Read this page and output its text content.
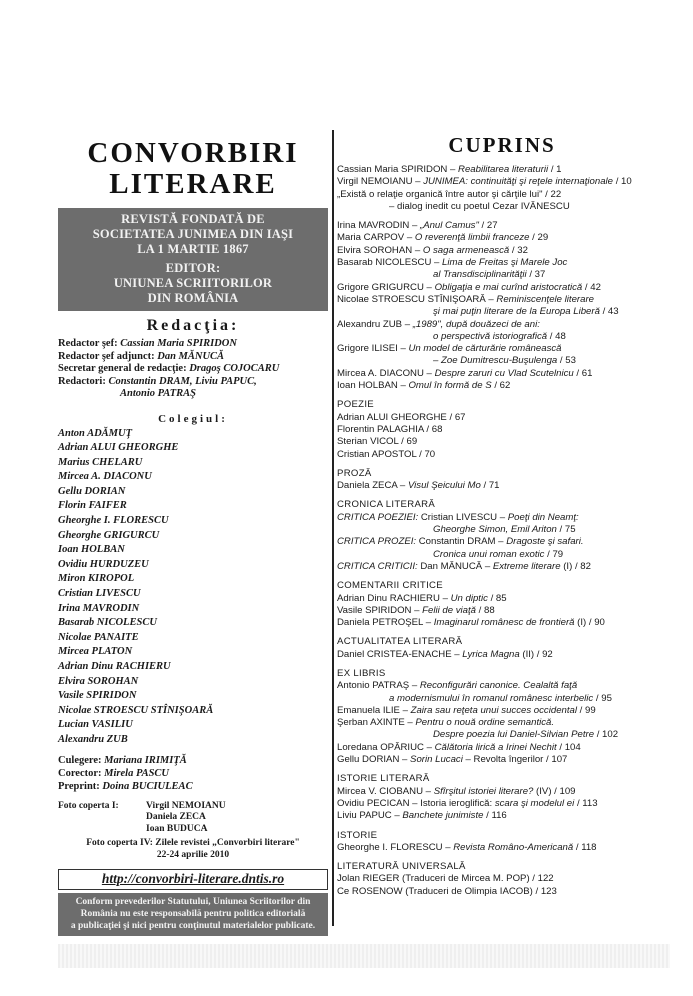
CONVORBIRI
LITERARE
REVISTĂ FONDATĂ DE
SOCIETATEA JUNIMEA DIN IAŞI
LA 1 MARTIE 1867
EDITOR:
UNIUNEA SCRIITORILOR
DIN ROMÂNIA
Redacţia:
Redactor şef: Cassian Maria SPIRIDON
Redactor şef adjunct: Dan MĂNUCĂ
Secretar general de redacţie: Dragoş COJOCARU
Redactori: Constantin DRAM, Liviu PAPUC,
Antonio PATRAŞ
Colegiul:
Anton ADĂMUŢ
Adrian ALUI GHEORGHE
Marius CHELARU
Mircea A. DIACONU
Gellu DORIAN
Florin FAIFER
Gheorghe I. FLORESCU
Gheorghe GRIGURCU
Ioan HOLBAN
Ovidiu HURDUZEU
Miron KIROPOL
Cristian LIVESCU
Irina MAVRODIN
Basarab NICOLESCU
Nicolae PANAITE
Mircea PLATON
Adrian Dinu RACHIERU
Elvira SOROHAN
Vasile SPIRIDON
Nicolae STROESCU STÎNIŞOARĂ
Lucian VASILIU
Alexandru ZUB
Culegere: Mariana IRIMIŢĂ
Corector: Mirela PASCU
Preprint: Doina BUCIULEAC
Foto coperta I:	Virgil NEMOIANU
Daniela ZECA
Ioan BUDUCA
Foto coperta IV: Zilele revistei „Convorbiri literare"
22-24 aprilie 2010
http://convorbiri-literare.dntis.ro
Conform prevederilor Statutului, Uniunea Scriitorilor din
România nu este responsabilă pentru politica editorială
a publicaţiei şi nici pentru conţinutul materialelor publicate.
CUPRINS
Cassian Maria SPIRIDON – Reabilitarea literaturii / 1
Virgil NEMOIANU – JUNIMEA: continuităţi şi reţele internaţionale / 10
„Există o relaţie organică între autor şi cărţile lui" / 22
– dialog inedit cu poetul Cezar IVĂNESCU
Irina MAVRODIN – „Anul Camus" / 27
Maria CARPOV – O reverenţă limbii franceze / 29
Elvira SOROHAN – O saga armenească / 32
Basarab NICOLESCU – Lima de Freitas şi Marele Joc
al Transdisciplinarităţii / 37
Grigore GRIGURCU – Obligaţia e mai curînd aristocratică / 42
Nicolae STROESCU STÎNIŞOARĂ – Reminiscenţele literare
şi mai puţin literare de la Europa Liberă / 43
Alexandru ZUB – „1989", după douăzeci de ani:
o perspectivă istoriografică / 48
Grigore ILISEI – Un model de cărturărie românească
– Zoe Dumitrescu-Buşulenga / 53
Mircea A. DIACONU – Despre zaruri cu Vlad Scutelnicu / 61
Ioan HOLBAN – Omul în formă de S / 62
POEZIE
Adrian ALUI GHEORGHE / 67
Florentin PALAGHIA / 68
Sterian VICOL / 69
Cristian APOSTOL / 70
PROZĂ
Daniela ZECA – Visul Şeicului Mo / 71
CRONICA LITERARĂ
CRITICA POEZIEI: Cristian LIVESCU – Poeţi din Neamţ:
Gheorghe Simon, Emil Ariton / 75
CRITICA PROZEI: Constantin DRAM – Dragoste şi safari.
Cronica unui roman exotic / 79
CRITICA CRITICII: Dan MĂNUCĂ – Extreme literare (I) / 82
COMENTARII CRITICE
Adrian Dinu RACHIERU – Un diptic / 85
Vasile SPIRIDON – Felii de viaţă / 88
Daniela PETROŞEL – Imaginarul românesc de frontieră (I) / 90
ACTUALITATEA LITERARĂ
Daniel CRISTEA-ENACHE – Lyrica Magna (II) / 92
EX LIBRIS
Antonio PATRAŞ – Reconfigurări canonice. Cealaltă faţă
a modernismului în romanul românesc interbelic / 95
Emanuela ILIE – Zaira sau reţeta unui succes occidental / 99
Şerban AXINTE – Pentru o nouă ordine semantică.
Despre poezia lui Daniel-Silvian Petre / 102
Loredana OPĂRIUC – Călătoria lirică a Irinei Nechit / 104
Gellu DORIAN – Sorin Lucaci – Revolta îngerilor / 107
ISTORIE LITERARĂ
Mircea V. CIOBANU – Sfîrşitul istoriei literare? (IV) / 109
Ovidiu PECICAN – Istoria ieroglifică: scara şi modelul ei / 113
Liviu PAPUC – Banchete junimiste / 116
ISTORIE
Gheorghe I. FLORESCU – Revista Româno-Americană / 118
LITERATURĂ UNIVERSALĂ
Jolan RIEGER (Traduceri de Mircea M. POP) / 122
Ce ROSENOW (Traduceri de Olimpia IACOB) / 123
